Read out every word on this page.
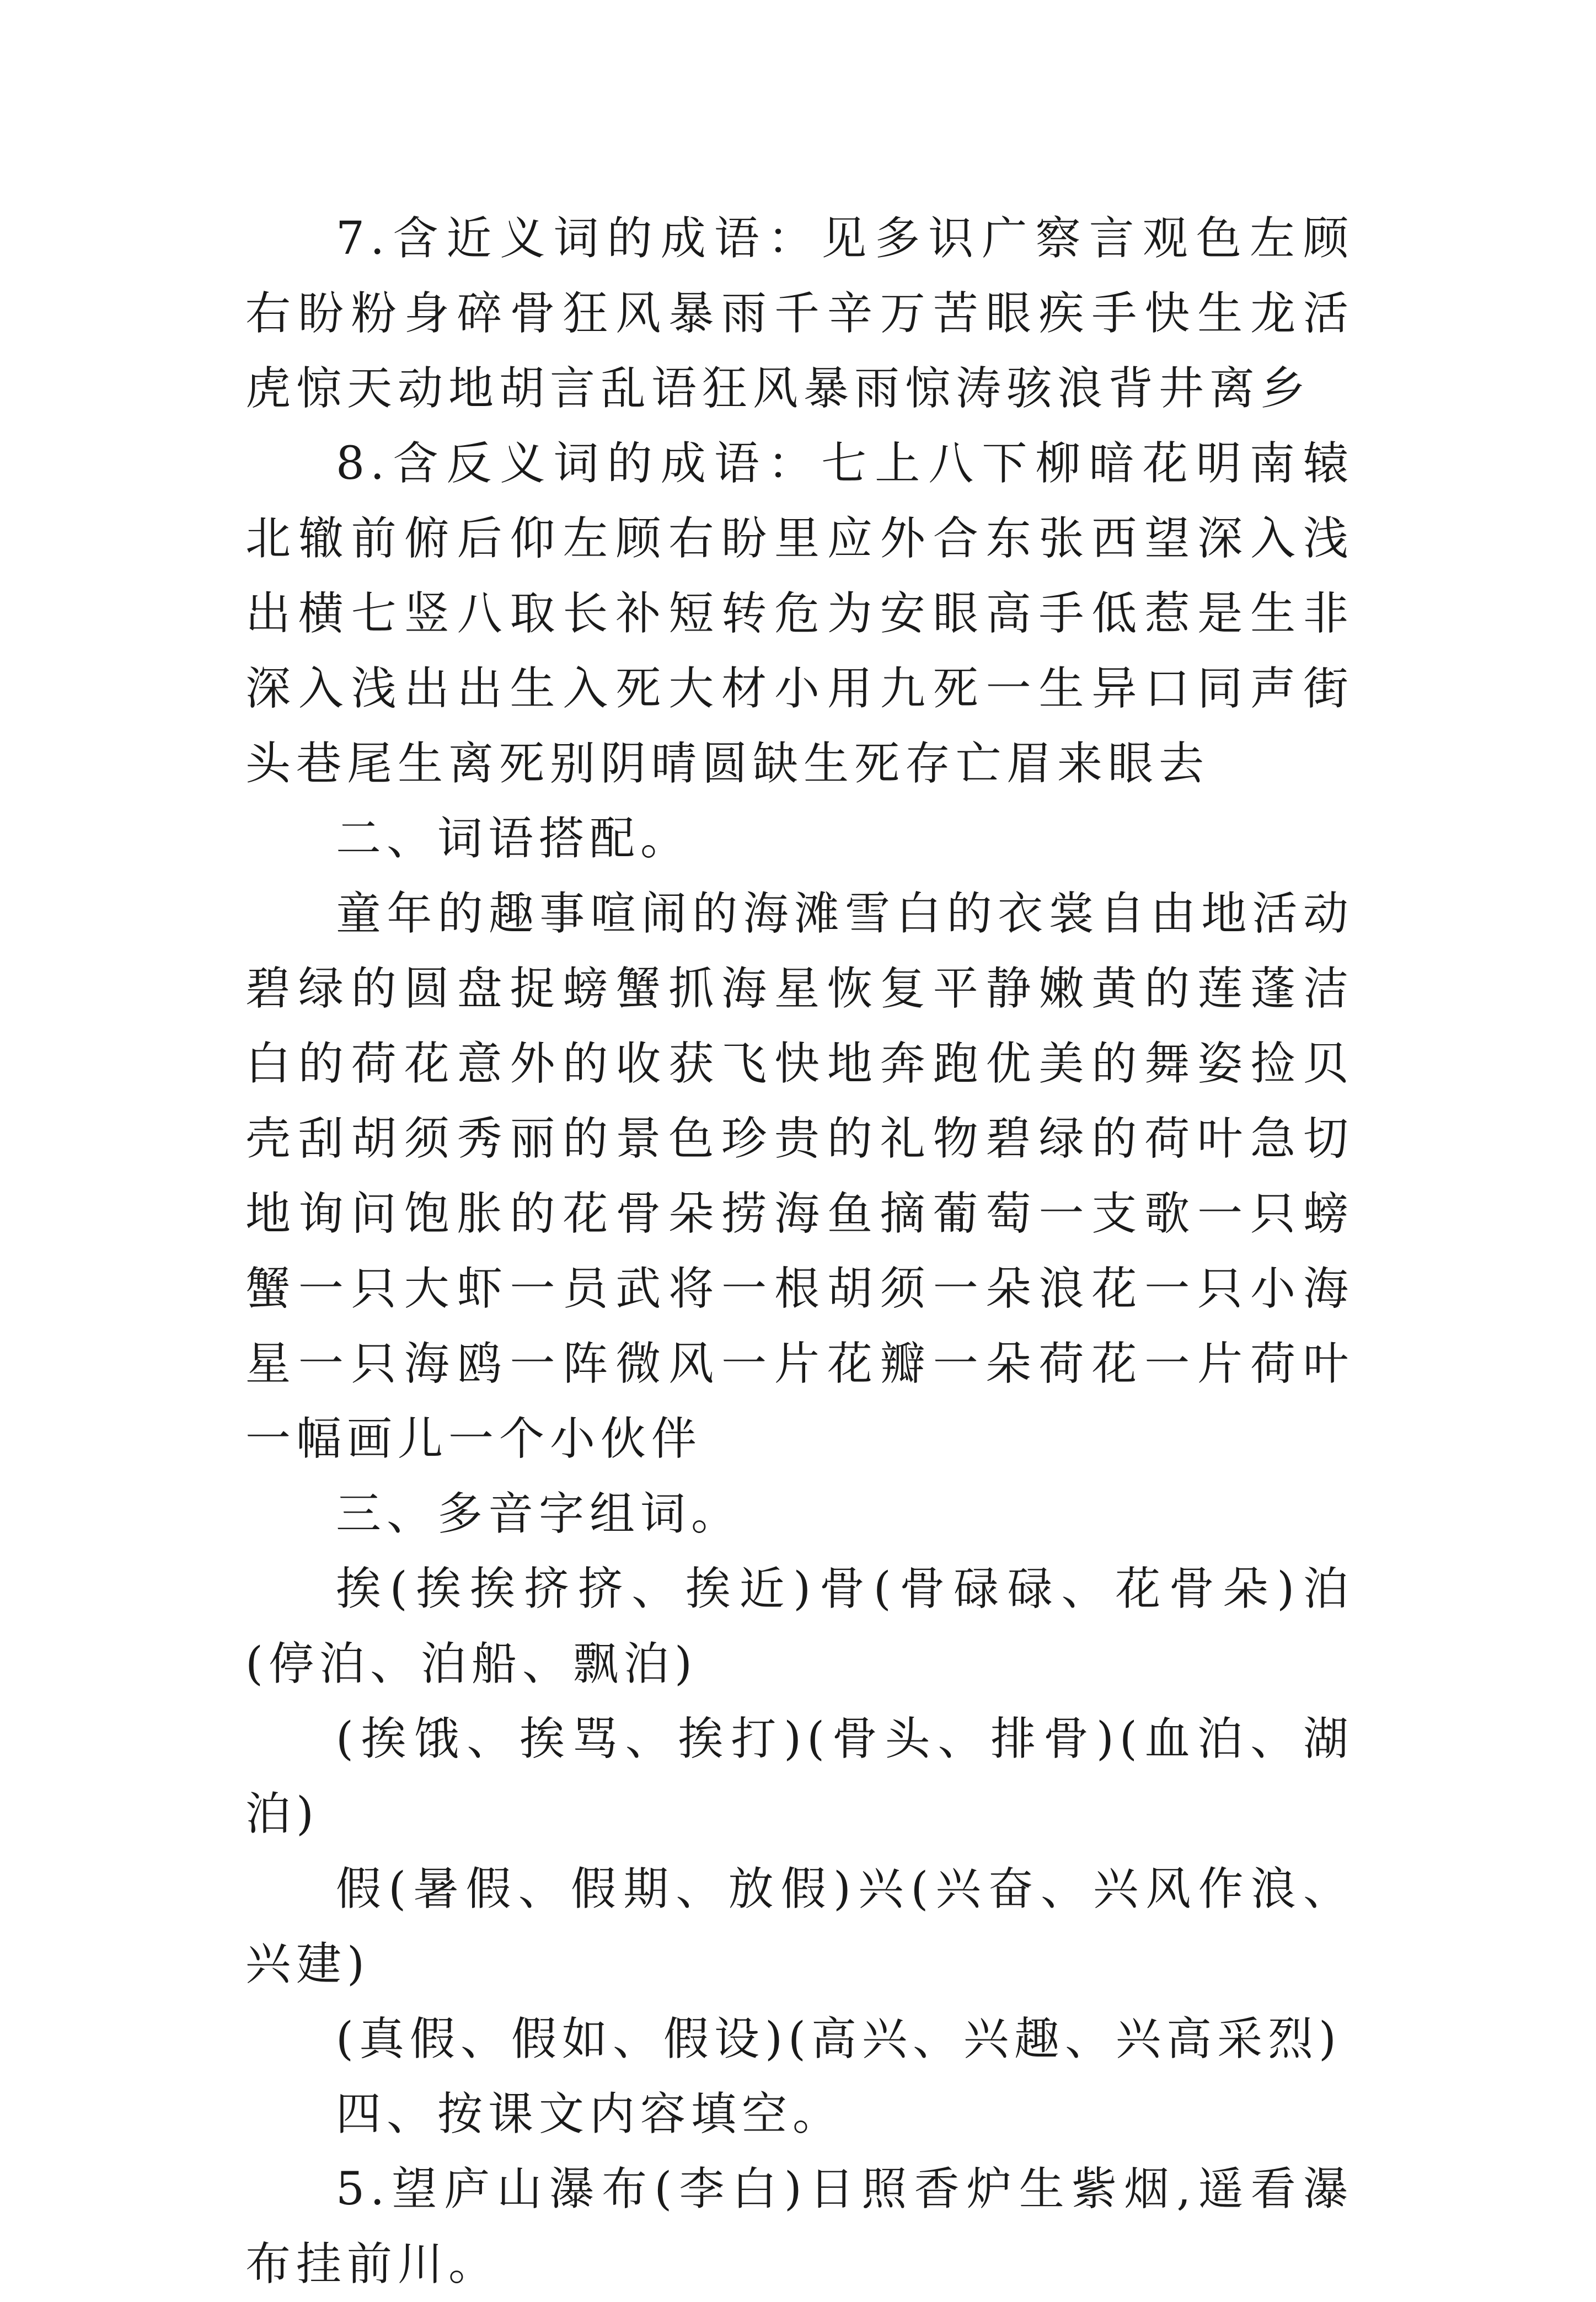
7.含近义词的成语：见多识广察言观色左顾右盼粉身碎骨狂风暴雨千辛万苦眼疾手快生龙活虎惊天动地胡言乱语狂风暴雨惊涛骇浪背井离乡

8.含反义词的成语：七上八下柳暗花明南辕北辙前俯后仰左顾右盼里应外合东张西望深入浅出横七竖八取长补短转危为安眼高手低惹是生非深入浅出出生入死大材小用九死一生异口同声街头巷尾生离死别阴晴圆缺生死存亡眉来眼去

二、词语搭配。

童年的趣事喧闹的海滩雪白的衣裳自由地活动碧绿的圆盘捉螃蟹抓海星恢复平静嫩黄的莲蓬洁白的荷花意外的收获飞快地奔跑优美的舞姿捡贝壳刮胡须秀丽的景色珍贵的礼物碧绿的荷叶急切地询问饱胀的花骨朵捞海鱼摘葡萄一支歌一只螃蟹一只大虾一员武将一根胡须一朵浪花一只小海星一只海鸥一阵微风一片花瓣一朵荷花一片荷叶一幅画儿一个小伙伴

三、多音字组词。

挨(挨挨挤挤、挨近)骨(骨碌碌、花骨朵)泊(停泊、泊船、飘泊)

(挨饿、挨骂、挨打)(骨头、排骨)(血泊、湖泊)

假(暑假、假期、放假)兴(兴奋、兴风作浪、兴建)

(真假、假如、假设)(高兴、兴趣、兴高采烈)

四、按课文内容填空。

5.望庐山瀑布(李白)日照香炉生紫烟,遥看瀑布挂前川。
